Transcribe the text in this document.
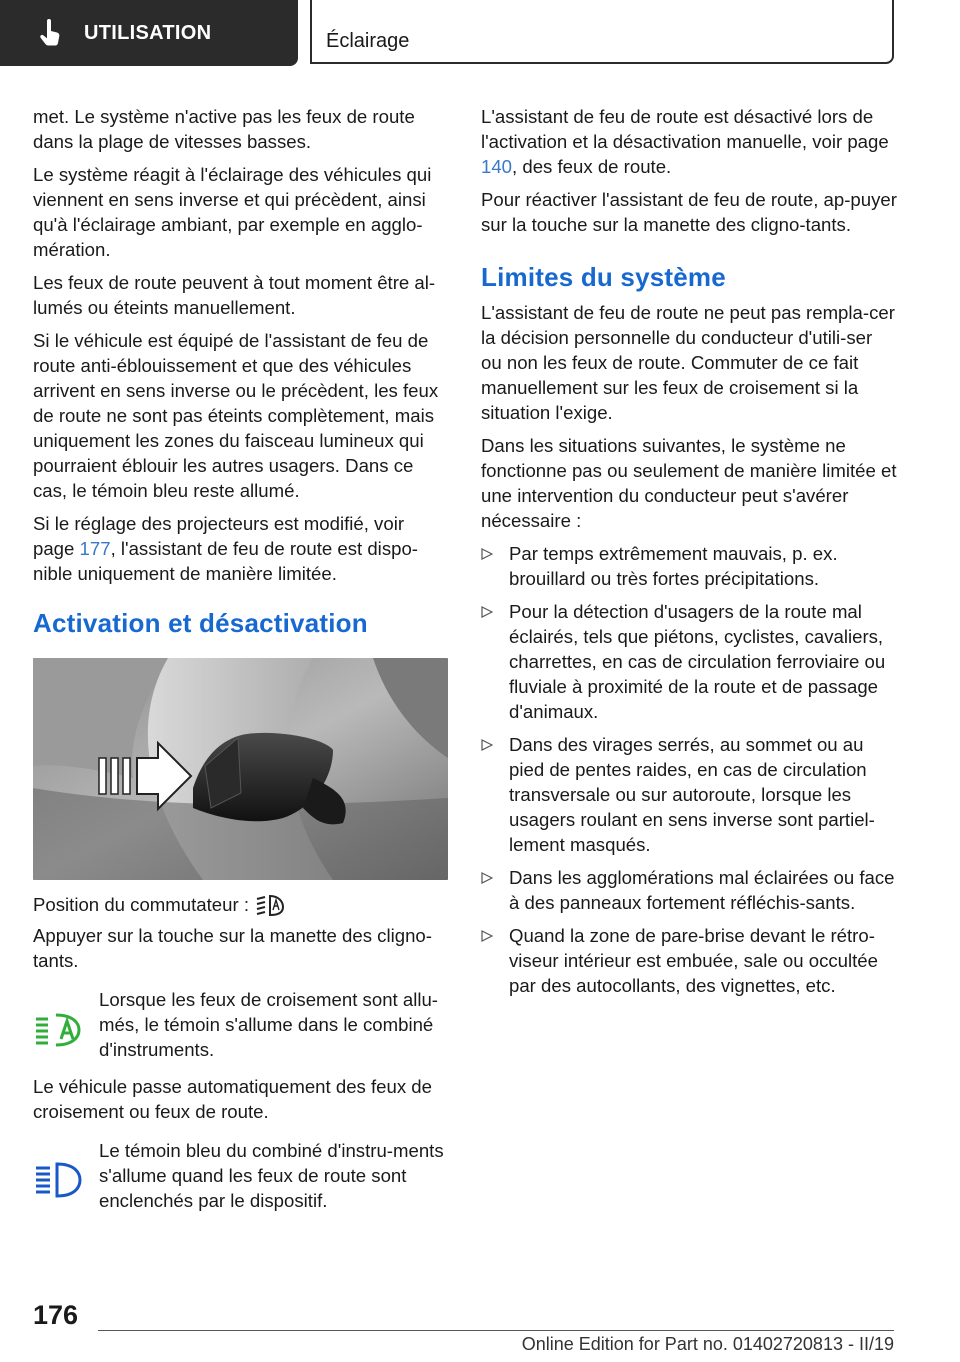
UTILISATION	Éclairage

met. Le système n'active pas les feux de route dans la plage de vitesses basses.

Le système réagit à l'éclairage des véhicules qui viennent en sens inverse et qui précèdent, ainsi qu'à l'éclairage ambiant, par exemple en agglo-mération.

Les feux de route peuvent à tout moment être al-lumés ou éteints manuellement.

Si le véhicule est équipé de l'assistant de feu de route anti-éblouissement et que des véhicules arrivent en sens inverse ou le précèdent, les feux de route ne sont pas éteints complètement, mais uniquement les zones du faisceau lumineux qui pourraient éblouir les autres usagers. Dans ce cas, le témoin bleu reste allumé.

Si le réglage des projecteurs est modifié, voir page 177, l'assistant de feu de route est dispo-nible uniquement de manière limitée.

Activation et désactivation
Position du commutateur :

Appuyer sur la touche sur la manette des cligno-tants.

Lorsque les feux de croisement sont allu-més, le témoin s'allume dans le combiné d'instruments.

Le véhicule passe automatiquement des feux de croisement ou feux de route.

Le témoin bleu du combiné d'instru-ments s'allume quand les feux de route sont enclenchés par le dispositif.

L'assistant de feu de route est désactivé lors de l'activation et la désactivation manuelle, voir page 140, des feux de route.

Pour réactiver l'assistant de feu de route, ap-puyer sur la touche sur la manette des cligno-tants.

Limites du système

L'assistant de feu de route ne peut pas rempla-cer la décision personnelle du conducteur d'utili-ser ou non les feux de route. Commuter de ce fait manuellement sur les feux de croisement si la situation l'exige.

Dans les situations suivantes, le système ne fonctionne pas ou seulement de manière limitée et une intervention du conducteur peut s'avérer nécessaire :

Par temps extrêmement mauvais, p. ex. brouillard ou très fortes précipitations.
Pour la détection d'usagers de la route mal éclairés, tels que piétons, cyclistes, cavaliers, charrettes, en cas de circulation ferroviaire ou fluviale à proximité de la route et de passage d'animaux.
Dans des virages serrés, au sommet ou au pied de pentes raides, en cas de circulation transversale ou sur autoroute, lorsque les usagers roulant en sens inverse sont partiel-lement masqués.
Dans les agglomérations mal éclairées ou face à des panneaux fortement réfléchis-sants.
Quand la zone de pare-brise devant le rétro-viseur intérieur est embuée, sale ou occultée par des autocollants, des vignettes, etc.
176
Online Edition for Part no. 01402720813 - II/19
